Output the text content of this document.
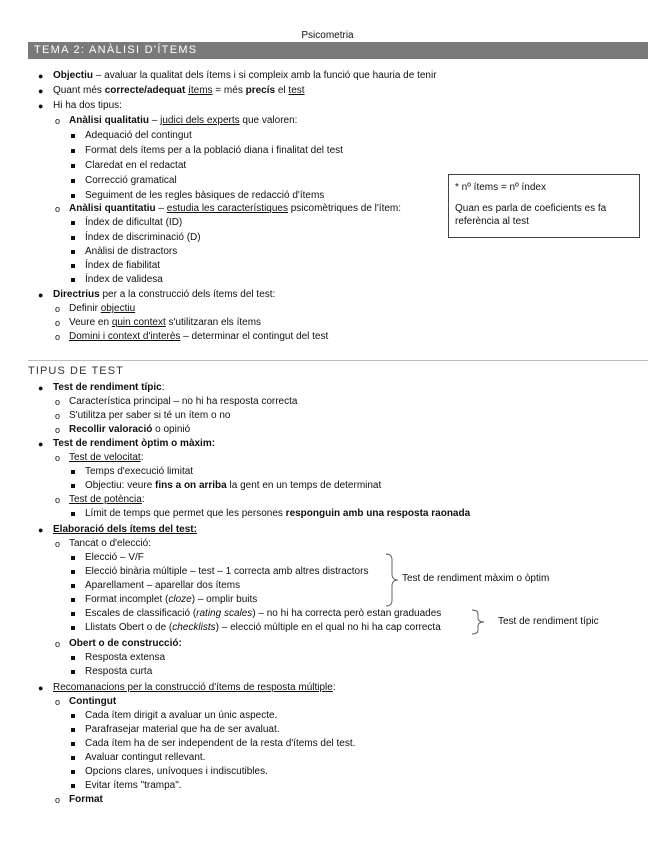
Psicometria
TEMA 2: ANÀLISI D'ÍTEMS
● Objectiu – avaluar la qualitat dels ítems i si compleix amb la funció que hauria de tenir
● Quant més correcte/adequat ítems = més precís el test
● Hi ha dos tipus:
o Anàlisi qualitatiu – judici dels experts que valoren:
Adequació del contingut
Format dels ítems per a la població diana i finalitat del test
Claredat en el redactat
Correcció gramatical
Seguiment de les regles bàsiques de redacció d'ítems
o Anàlisi quantitatiu – estudia les característiques psicomètriques de l'ítem:
Índex de dificultat (ID)
Índex de discriminació (D)
Anàlisi de distractors
Índex de fiabilitat
Índex de validesa
● Directrius per a la construcció dels ítems del test:
o Definir objectiu
o Veure en quin context s'utilitzaran els ítems
o Domini i context d'interès – determinar el contingut del test
* nº ítems = nº índex
Quan es parla de coeficients es fa referència al test
TIPUS DE TEST
● Test de rendiment típic:
o Característica principal – no hi ha resposta correcta
o S'utilitza per saber si té un ítem o no
o Recollir valoració o opinió
● Test de rendiment òptim o màxim:
o Test de velocitat:
Temps d'execució limitat
Objectiu: veure fins a on arriba la gent en un temps de determinat
o Test de potència:
Límit de temps que permet que les persones responguin amb una resposta raonada
● Elaboració dels ítems del test:
o Tancat o d'elecció:
Elecció – V/F
Elecció binària múltiple – test – 1 correcta amb altres distractors
Aparellament – aparellar dos ítems
Format incomplet (cloze) – omplir buits
Escales de classificació (rating scales) – no hi ha correcta però estan graduades
Llistats Obert o de (checklists) – elecció múltiple en el qual no hi ha cap correcta
Test de rendiment màxim o òptim
Test de rendiment típic
o Obert o de construcció:
Resposta extensa
Resposta curta
● Recomanacions per la construcció d'ítems de resposta múltiple:
o Contingut
Cada ítem dirigit a avaluar un únic aspecte.
Parafrasejar material que ha de ser avaluat.
Cada ítem ha de ser independent de la resta d'ítems del test.
Avaluar contingut rellevant.
Opcions clares, unívoques i indiscutibles.
Evitar ítems "trampa".
o Format
